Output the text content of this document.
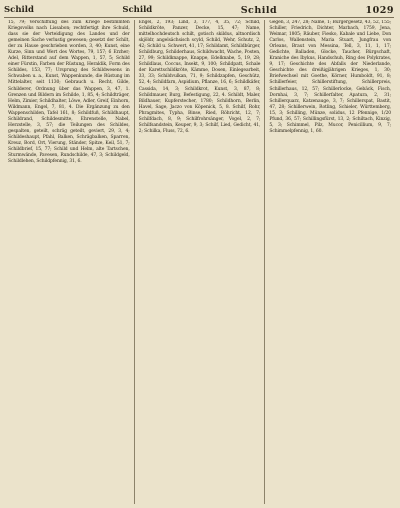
Schild	Schild	Schild	1029

15, 79; Verschiffung des zum Kriege bestimmten Kriegsvolks nach Lissabon; rechtfertigt ihre Schuld, dass sie der Verteidigung des Landes und der gemeinen Sache verlustig gewesen; gesetzt der Schilt, der zu Hause geschrieben worden, 3, 40; Kunst, eine Kurze, Sinn und Wert des Wortes, 79, 157; 6 Erzher; Adel, Ritterstand auf dem Wappen, 1, 57, 5; Schild einer Fürstin, Farben der Rüstung, Heraldik, Form des Schildes, 153, 77; Ursprung des Schildwesens in Schwaben u. a., Kunst, Wappenkunde, die Rüstung im Mittelalter, seit 1130; Gebrauch u. Recht, Gilde, Schilderer, Ordnung über das Wappen, 3, 47, 1. Grenzen und Bildern im Schilde, 1, 85, 4; Schildträger, Helm, Zimier, Schildhalter, Löwe, Adler, Greif, Einhorn, Wildmann, Engel, 7, 81, 4. Die Ergänzung zu den Wappenschilden, Tafel 161, 8; Schildfuß, Schildhaupt, Schildrand, Schildesmitte, Ehrenstelle, Nabel, Herzstelle, 3, 57; die Teilungen des Schildes, gespalten, geteilt, schräg geteilt, geviert, 29, 3, 4; Schildeshaupt, Pfahl, Balken, Schrägbalken, Sparren, Kreuz, Bord, Ort, Vierung, Ständer, Spitze, Keil, 51, 7; Schildbrief, 15, 77; Schild und Helm, alte Tartschen, Sturmwände, Pavesen, Rundschilde, 47, 3; Schildgeld, Schildlehen, Schildpfennig, 31, 6.

Engel, 2, 193; Lind, 3, 177, 4, 35, 72; Schild, Schildkröte, Panzer, Decke, 15, 47; Name, mittelhochdeutsch schilt, gotisch skildus, altnordisch skjöldr, angelsächsisch scyld, Schild, Wehr, Schutz, 2, 42; Schild u. Schwert, 41, 17; Schildamt, Schildbürger, Schildburg, Schilderhaus, Schildwacht, Wache, Posten, 27, 99; Schildknappe, Knappe, Edelknabe, 5, 19, 28; Schildlaus, Coccus, Insekt, 9, 100; Schildpatt, Schale der Karettschildkröte, Kämme, Dosen, Einlegearbeit, 33, 33; Schildvulkan, 71, 9; Schildzapfen, Geschütz, 52, 4; Schildfarn, Aspidium, Pflanze, 16, 6; Schildkäfer, Cassida, 14, 3; Schildkrot, Kunst, 3, 87, 8; Schildmauer, Burg, Befestigung, 22, 4. Schildt, Maler, Bildhauer, Kupferstecher, 1780; Schildhorn, Berlin, Havel, Sage, Jaczo von Köpenick, 5, 8. Schilf, Rohr, Phragmites, Typha, Binse, Ried, Röhricht, 12, 7; Schilfdach, 8, 9; Schilfrohrsänger, Vogel, 2, 7; Schilfsandstein, Keuper, 9, 3; Schilf, Lied, Gedicht, 41, 2; Schilka, Fluss, 72, 6.

Gegen, 3, 247, 28; Name, 1; Bürgergesetz, 43, 52, 155; Schiller, Friedrich, Dichter, Marbach, 1759, Jena, Weimar, 1805; Räuber, Fiesko, Kabale und Liebe, Don Carlos, Wallenstein, Maria Stuart, Jungfrau von Orleans, Braut von Messina, Tell, 3, 11, 1, 17; Gedichte, Balladen, Glocke, Taucher, Bürgschaft, Kraniche des Ibykus, Handschuh, Ring des Polykrates, 9, 17; Geschichte des Abfalls der Niederlande, Geschichte des dreißigjährigen Krieges, 1, 30; Briefwechsel mit Goethe, Körner, Humboldt, 91, 8; Schillerfeier, Schillerstiftung, Schillerpreis, Schillerhaus, 12, 57; Schillerlocke, Gebäck, Fisch, Dornhai, 3, 7; Schillerfalter, Apatura, 2, 31; Schillerquarz, Katzenauge, 3, 7; Schillerspat, Bastit, 47, 28; Schillerwein, Rotling, Schieler, Württemberg, 15, 3; Schilling, Münze, solidus, 12 Pfennige, 1/20 Pfund, 36, 57; Schillingsfürst, 13, 2; Schiltach, Kinzig, 5, 3; Schimmel, Pilz, Mucor, Penicillium, 9, 7; Schimmelpfennig, 1, 60.
